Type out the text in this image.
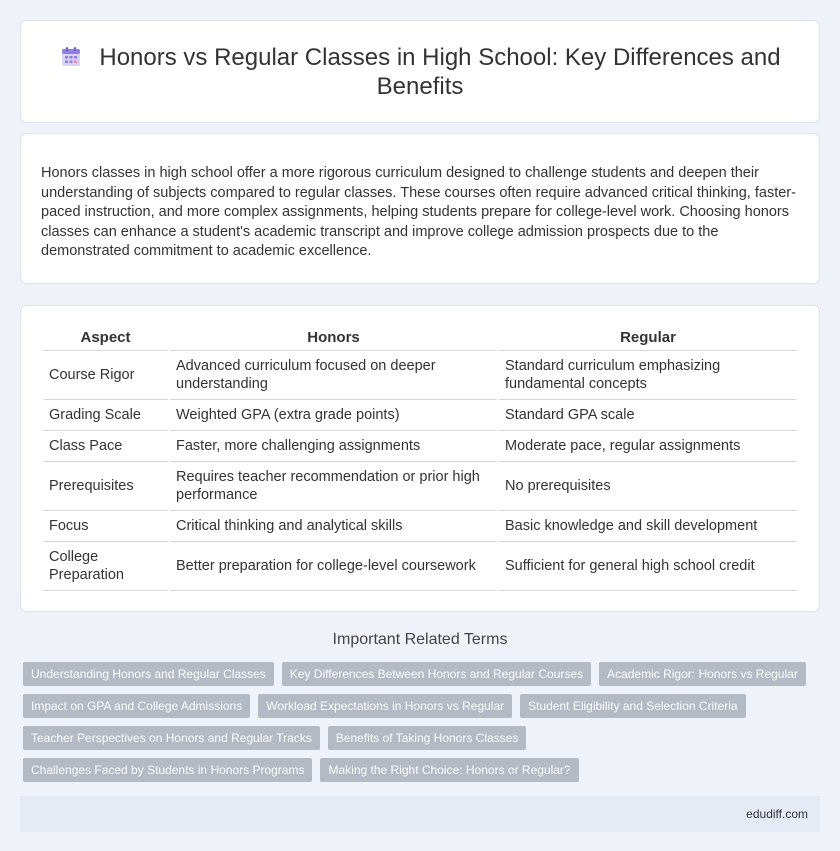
Honors vs Regular Classes in High School: Key Differences and Benefits

Honors classes in high school offer a more rigorous curriculum designed to challenge students and deepen their understanding of subjects compared to regular classes. These courses often require advanced critical thinking, faster-paced instruction, and more complex assignments, helping students prepare for college-level work. Choosing honors classes can enhance a student's academic transcript and improve college admission prospects due to the demonstrated commitment to academic excellence.

Aspect	Honors	Regular
Course Rigor	Advanced curriculum focused on deeper understanding	Standard curriculum emphasizing fundamental concepts
Grading Scale	Weighted GPA (extra grade points)	Standard GPA scale
Class Pace	Faster, more challenging assignments	Moderate pace, regular assignments
Prerequisites	Requires teacher recommendation or prior high performance	No prerequisites
Focus	Critical thinking and analytical skills	Basic knowledge and skill development
College Preparation	Better preparation for college-level coursework	Sufficient for general high school credit
Important Related Terms
Understanding Honors and Regular Classes	Key Differences Between Honors and Regular Courses	Academic Rigor: Honors vs Regular
Impact on GPA and College Admissions	Workload Expectations in Honors vs Regular	Student Eligibility and Selection Criteria
Teacher Perspectives on Honors and Regular Tracks	Benefits of Taking Honors Classes
Challenges Faced by Students in Honors Programs	Making the Right Choice: Honors or Regular?
edudiff.com
